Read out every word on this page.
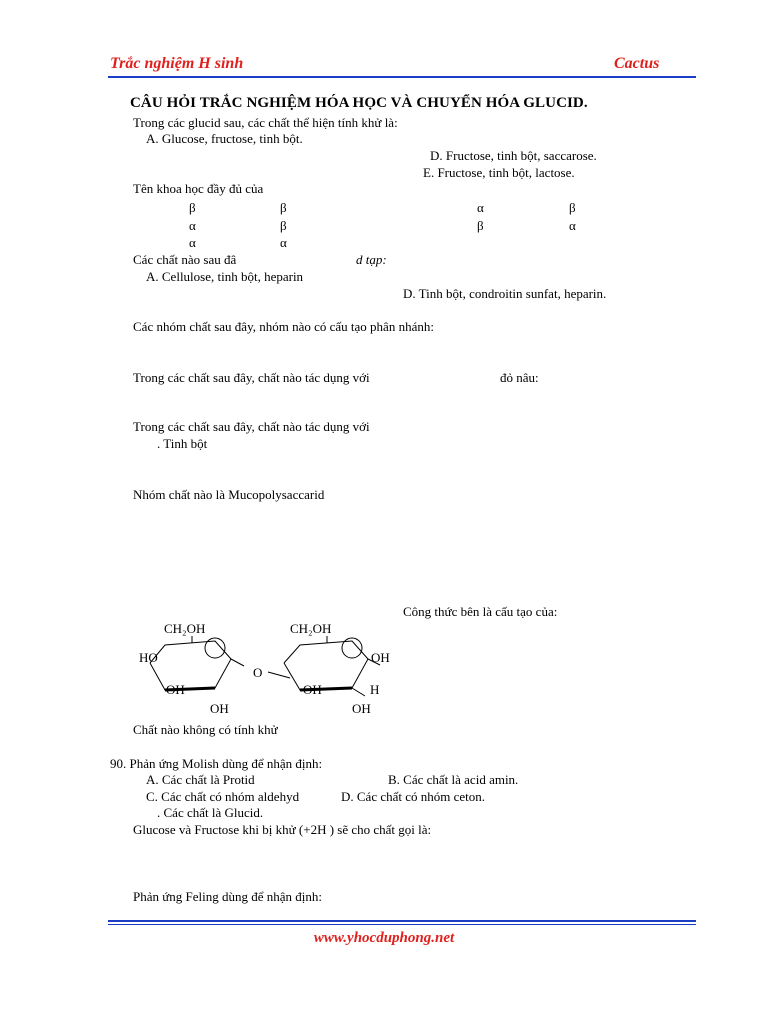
Trắc nghiệm H sinh	Cactus
CÂU HỎI TRẮC NGHIỆM HÓA HỌC VÀ CHUYỂN HÓA GLUCID.
Trong các glucid sau, các chất thể hiện tính khử là:
A. Glucose, fructose, tinh bột.
D. Fructose, tinh bột, saccarose.
E. Fructose, tinh bột, lactose.
Tên khoa học đầy đủ của
β	β	α	β
α	β	β	α
α	α
Các chất nào sau đâ	d tạp:
A. Cellulose, tinh bột, heparin
D. Tinh bột, condroitin sunfat, heparin.
Các nhóm chất sau đây, nhóm nào có cấu tạo phân nhánh:
Trong các chất sau đây, chất nào tác dụng với	đỏ nâu:
Trong các chất sau đây, chất nào tác dụng với
. Tinh bột
Nhóm chất nào là Mucopolysaccarid
Công thức bên là cấu tạo của:
CH₂OH	CH₂OH
HO
OH
OH
O
OH
OH
H
OH
Chất nào không có tính khử
90. Phản ứng Molish dùng để nhận định:
A. Các chất là Protid	B. Các chất là acid amin.
C. Các chất có nhóm aldehyd	D. Các chất có nhóm ceton.
. Các chất là Glucid.
Glucose và Fructose khi bị khử (+2H ) sẽ cho chất gọi là:
Phản ứng Feling dùng để nhận định:
www.yhocduphong.net
